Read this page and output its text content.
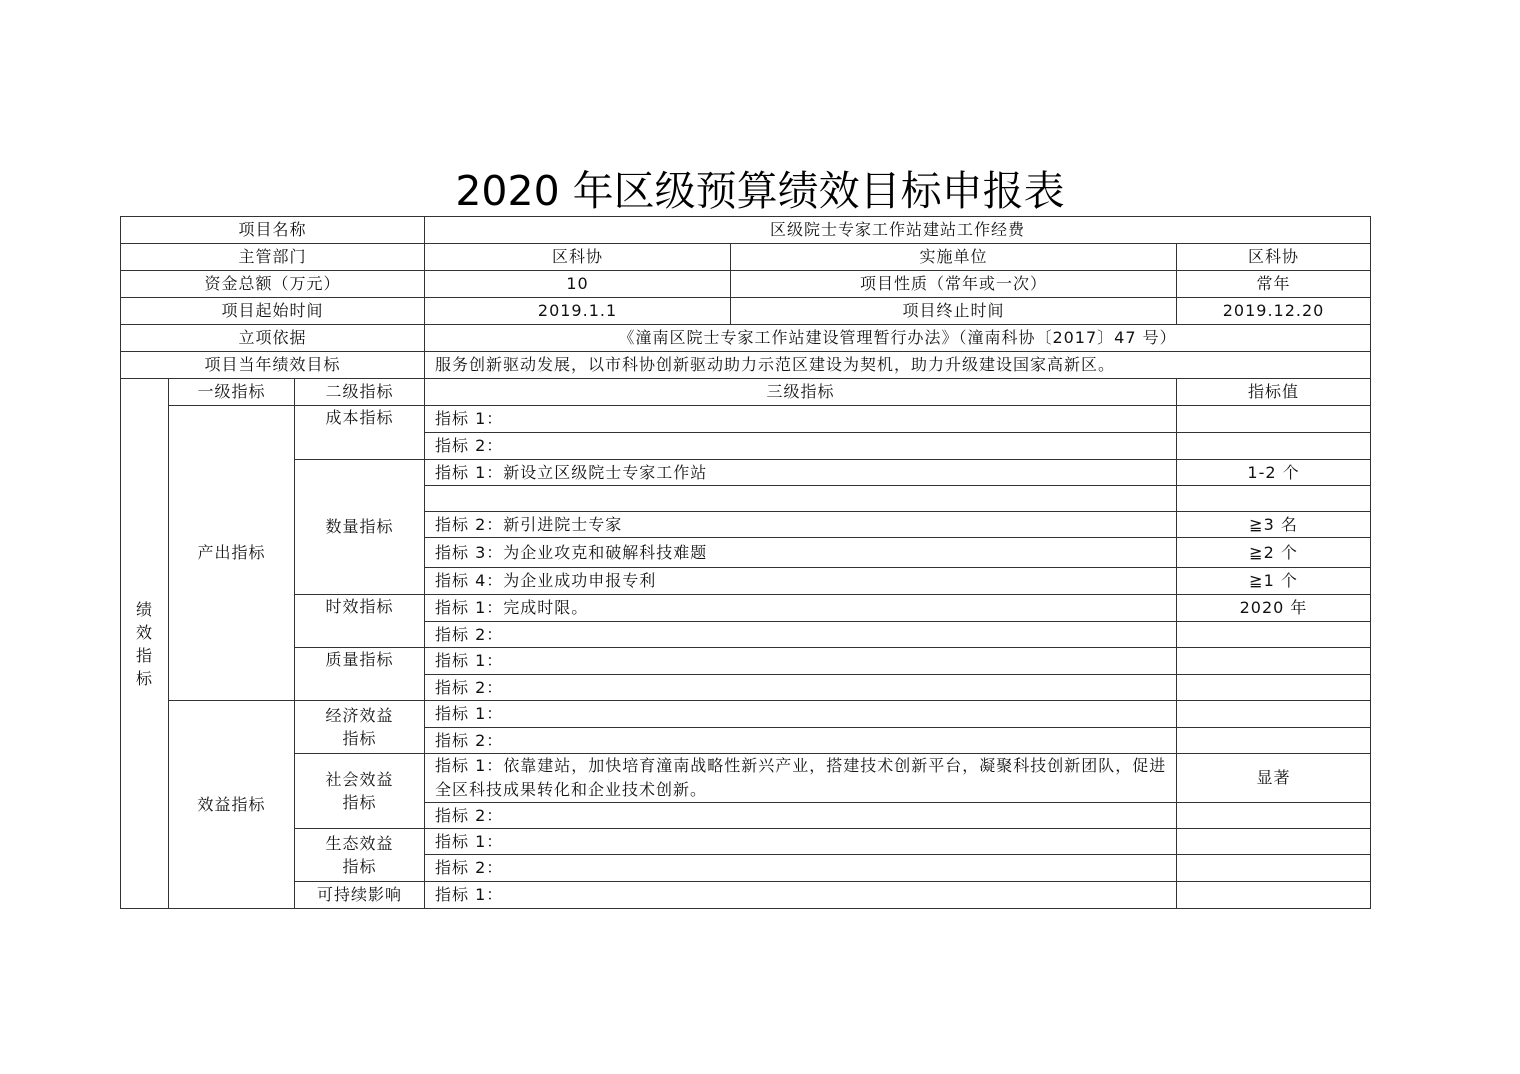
2020 年区级预算绩效目标申报表
项目名称			区级院士专家工作站建站工作经费		
主管部门			区科协	实施单位	区科协
资金总额（万元）			10	项目性质（常年或一次）	常年
项目起始时间			2019.1.1	项目终止时间	2019.12.20
立项依据			《潼南区院士专家工作站建设管理暂行办法》（潼南科协〔2017〕47 号）		
项目当年绩效目标			服务创新驱动发展，以市科协创新驱动助力示范区建设为契机，助力升级建设国家高新区。		
绩效指标	一级指标	二级指标	三级指标		指标值
	产出指标	成本指标	指标 1：		
			指标 2：		
		数量指标	指标 1：新设立区级院士专家工作站		1-2 个

			指标 2：新引进院士专家		≧3 名
			指标 3：为企业攻克和破解科技难题		≧2 个
			指标 4：为企业成功申报专利		≧1 个
		时效指标	指标 1：完成时限。		2020 年
			指标 2：		
		质量指标	指标 1：		
			指标 2：		
	效益指标	经济效益指标	指标 1：		
			指标 2：		
		社会效益指标	指标 1：依靠建站，加快培育潼南战略性新兴产业，搭建技术创新平台，凝聚科技创新团队，促进全区科技成果转化和企业技术创新。		显著
			指标 2：		
		生态效益指标	指标 1：		
			指标 2：		
		可持续影响	指标 1：		
